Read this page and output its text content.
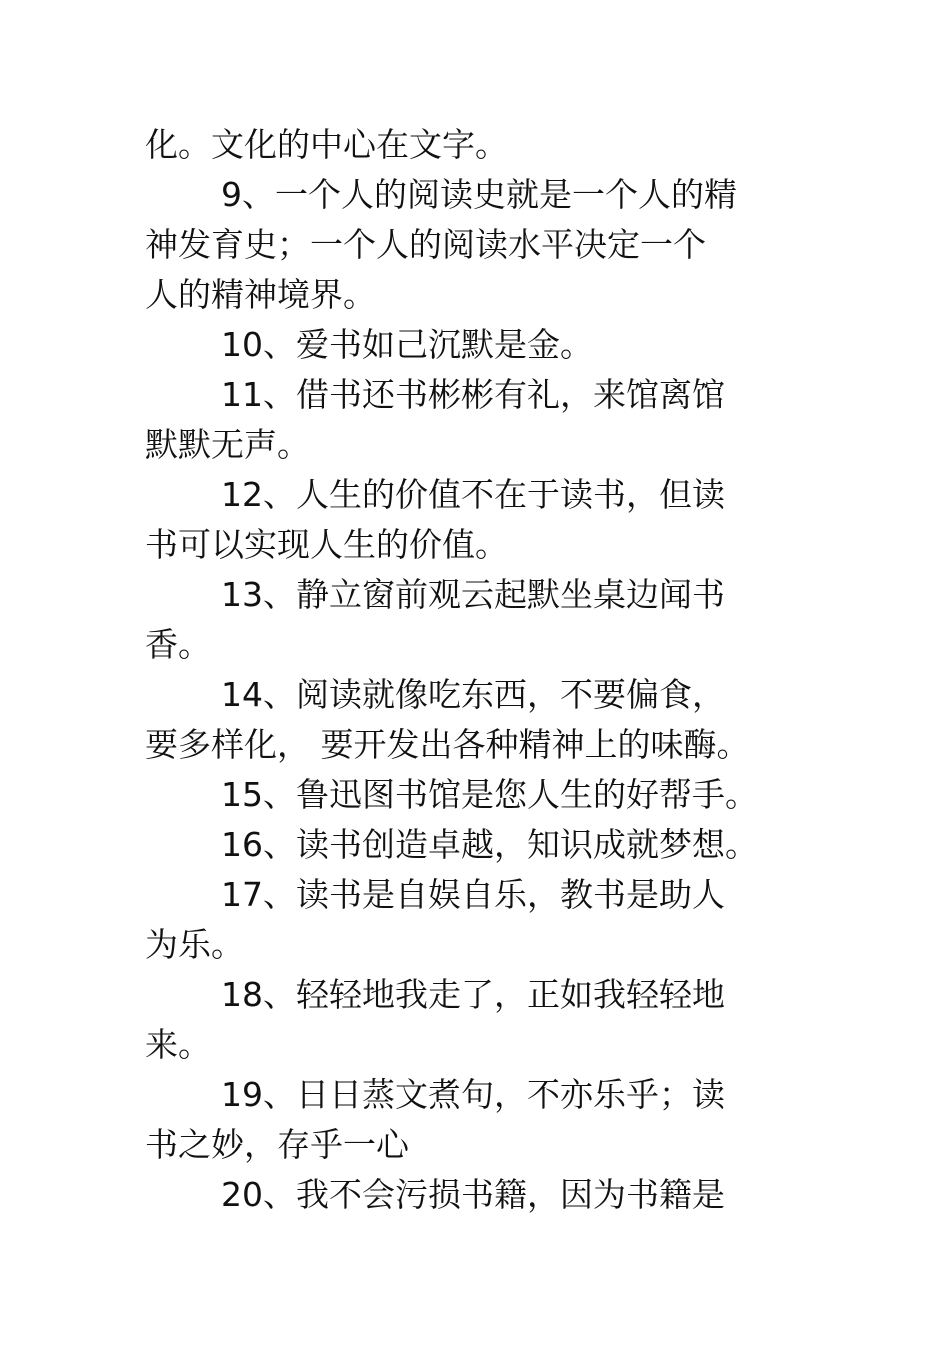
化。文化的中心在文字。
9、一个人的阅读史就是一个人的精
神发育史；一个人的阅读水平决定一个
人的精神境界。
10、爱书如己沉默是金。
11、借书还书彬彬有礼，来馆离馆
默默无声。
12、人生的价值不在于读书，但读
书可以实现人生的价值。
13、静立窗前观云起默坐桌边闻书
香。
14、阅读就像吃东西，不要偏食，
要多样化， 要开发出各种精神上的味酶。
15、鲁迅图书馆是您人生的好帮手。
16、读书创造卓越，知识成就梦想。
17、读书是自娱自乐，教书是助人
为乐。
18、轻轻地我走了，正如我轻轻地
来。
19、日日蒸文煮句，不亦乐乎；读
书之妙，存乎一心
20、我不会污损书籍，因为书籍是
